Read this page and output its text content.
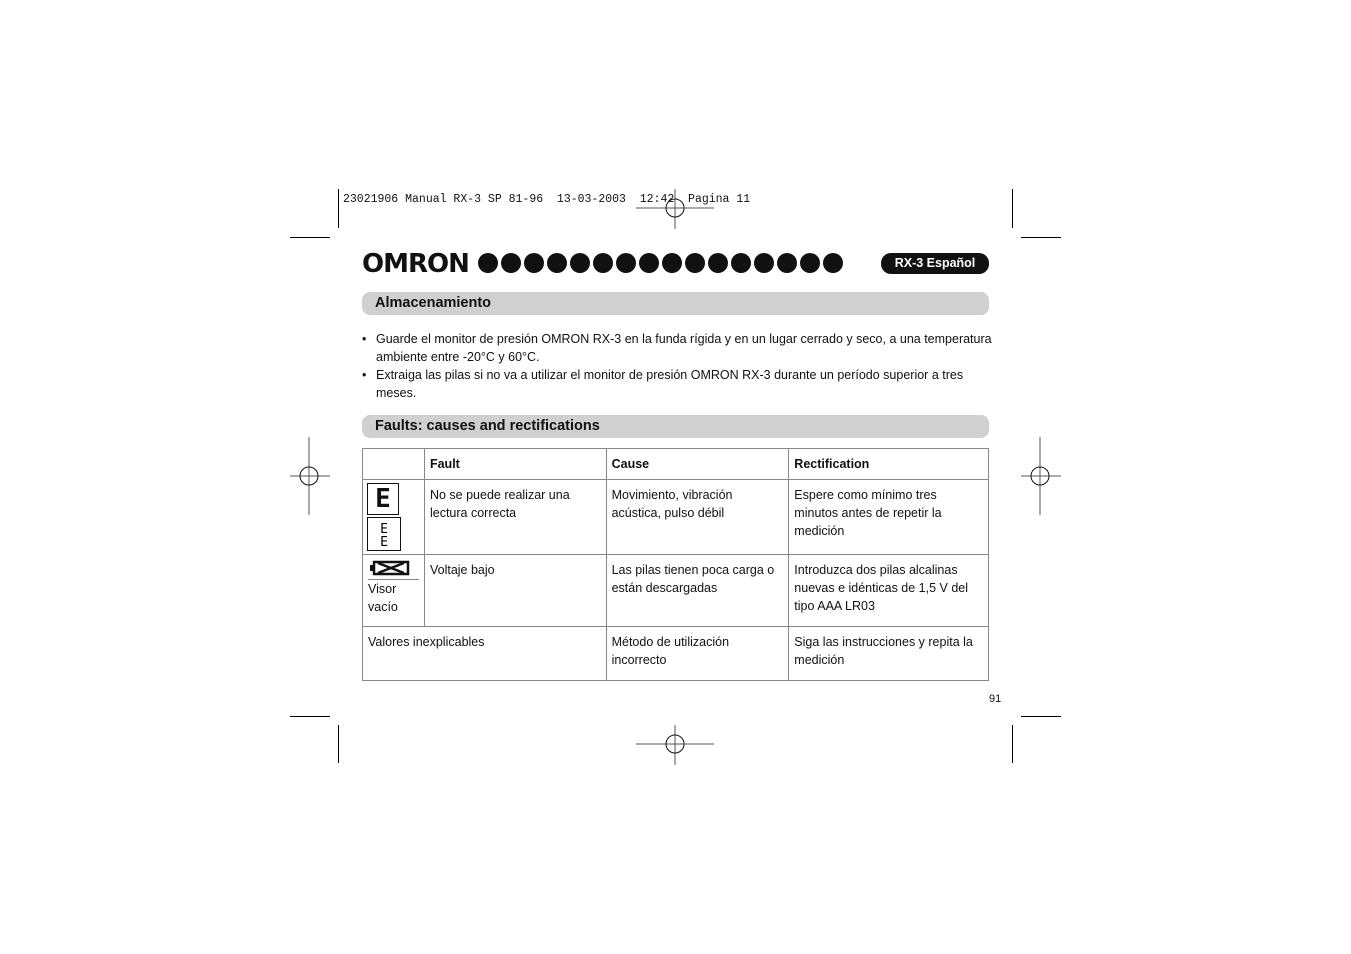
23021906 Manual RX-3 SP 81-96  13-03-2003  12:42  Pagina 11
OMRON	RX-3 Español
Almacenamiento
• Guarde el monitor de presión OMRON RX-3 en la funda rígida y en un lugar cerrado y seco, a una temperatura ambiente entre -20°C y 60°C.
• Extraiga las pilas si no va a utilizar el monitor de presión OMRON RX-3 durante un período superior a tres meses.
Faults: causes and rectifications
	Fault	Cause	Rectification

E
E
E	No se puede realizar una lectura correcta	Movimiento, vibración acústica, pulso débil	Espere como mínimo tres minutos antes de repetir la medición

Visor vacío	Voltaje bajo	Las pilas tienen poca carga o están descargadas	Introduzca dos pilas alcalinas nuevas e idénticas de 1,5 V del tipo AAA LR03
Valores inexplicables		Método de utilización incorrecto	Siga las instrucciones y repita la medición
91
